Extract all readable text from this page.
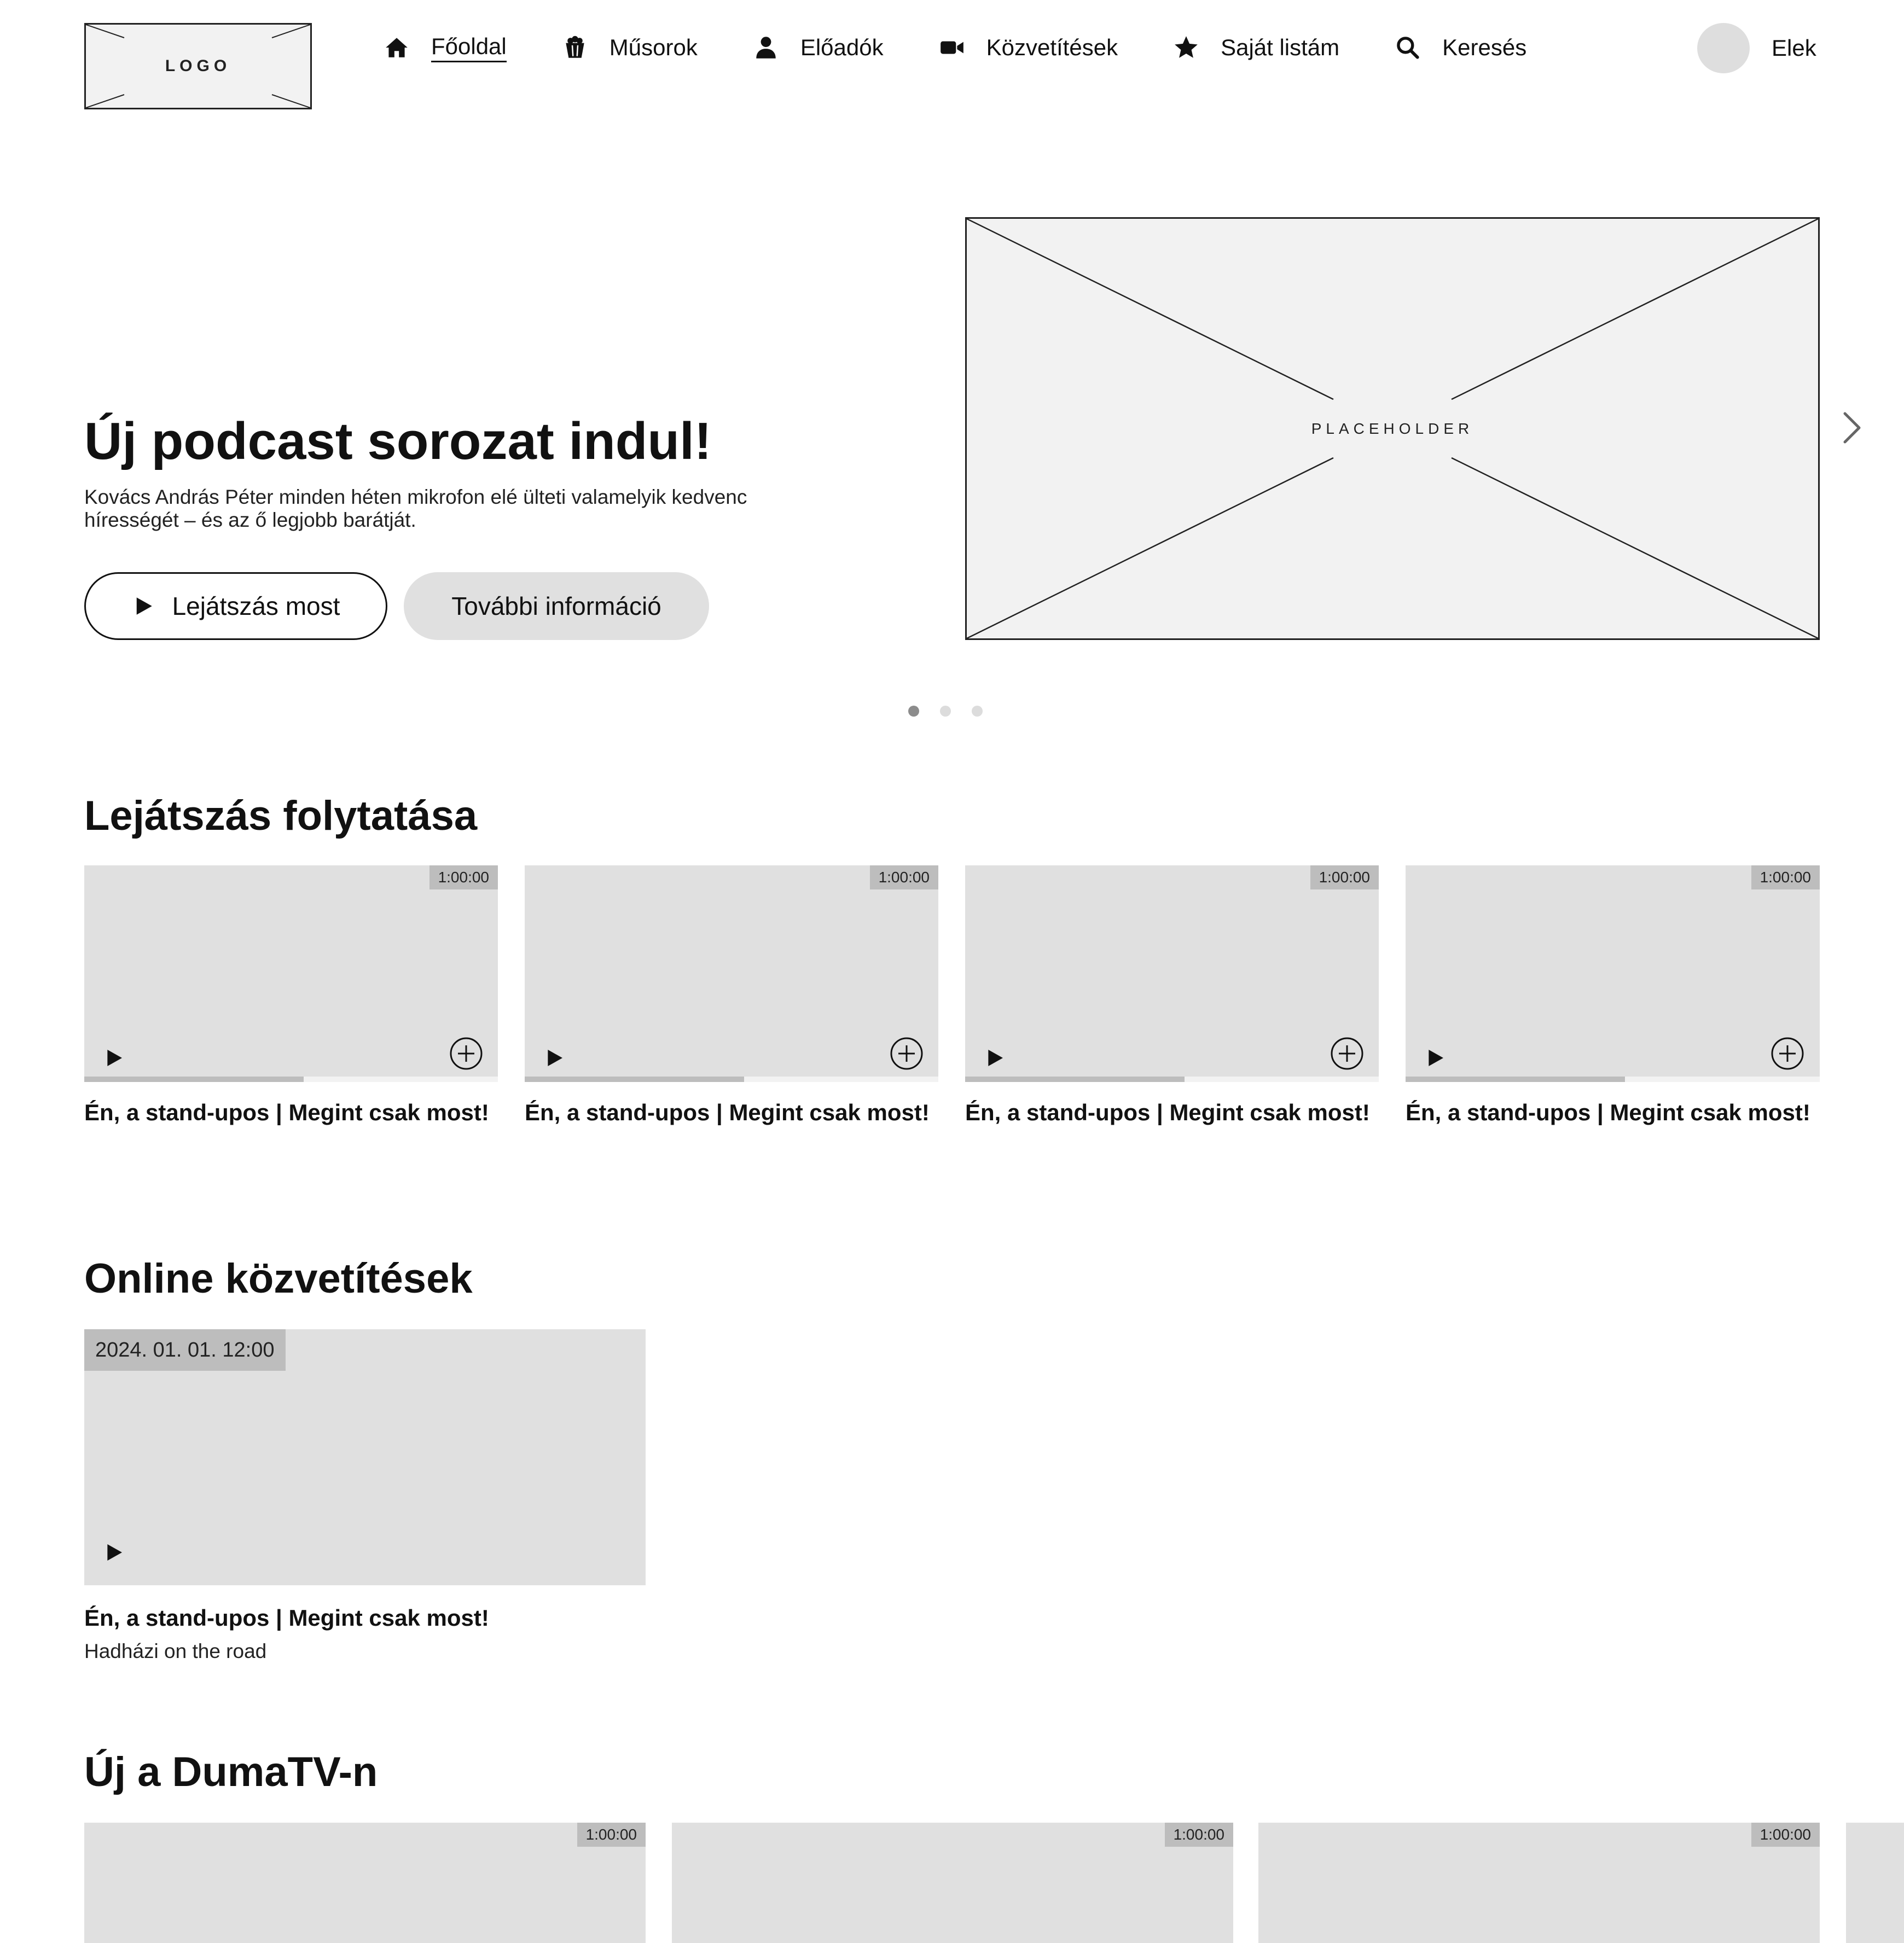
LOGO
Főoldal	Műsorok	Előadók	Közvetítések	Saját listám	Keresés	Elek
Új podcast sorozat indul!
Kovács András Péter minden héten mikrofon elé ülteti valamelyik kedvenc hírességét – és az ő legjobb barátját.
Lejátszás most	További információ
PLACEHOLDER
Lejátszás folytatása
1:00:00
Én, a stand-upos | Megint csak most!
1:00:00
Én, a stand-upos | Megint csak most!
1:00:00
Én, a stand-upos | Megint csak most!
1:00:00
Én, a stand-upos | Megint csak most!
Online közvetítések
2024. 01. 01. 12:00
Én, a stand-upos | Megint csak most!
Hadházi on the road
Új a DumaTV-n
1:00:00	1:00:00	1:00:00
